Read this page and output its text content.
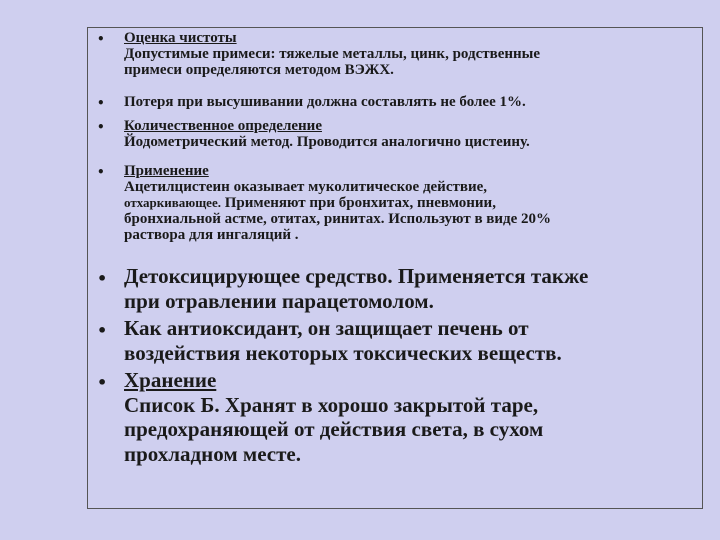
• Оценка чистоты
Допустимые примеси: тяжелые металлы, цинк, родственные
примеси определяются методом ВЭЖХ.
• Потеря при высушивании должна составлять не более 1%.
• Количественное определение
Йодометрический метод. Проводится аналогично цистеину.
• Применение
Ацетилцистеин оказывает муколитическое действие,
отхаркивающее. Применяют при бронхитах, пневмонии,
бронхиальной астме, отитах, ринитах. Используют в виде 20%
раствора для ингаляций .
• Детоксицирующее средство. Применяется также
при отравлении парацетомолом.
• Как антиоксидант, он защищает печень от
воздействия некоторых токсических веществ.
• Хранение
Список Б. Хранят в хорошо закрытой таре,
предохраняющей от действия света, в сухом
прохладном месте.
